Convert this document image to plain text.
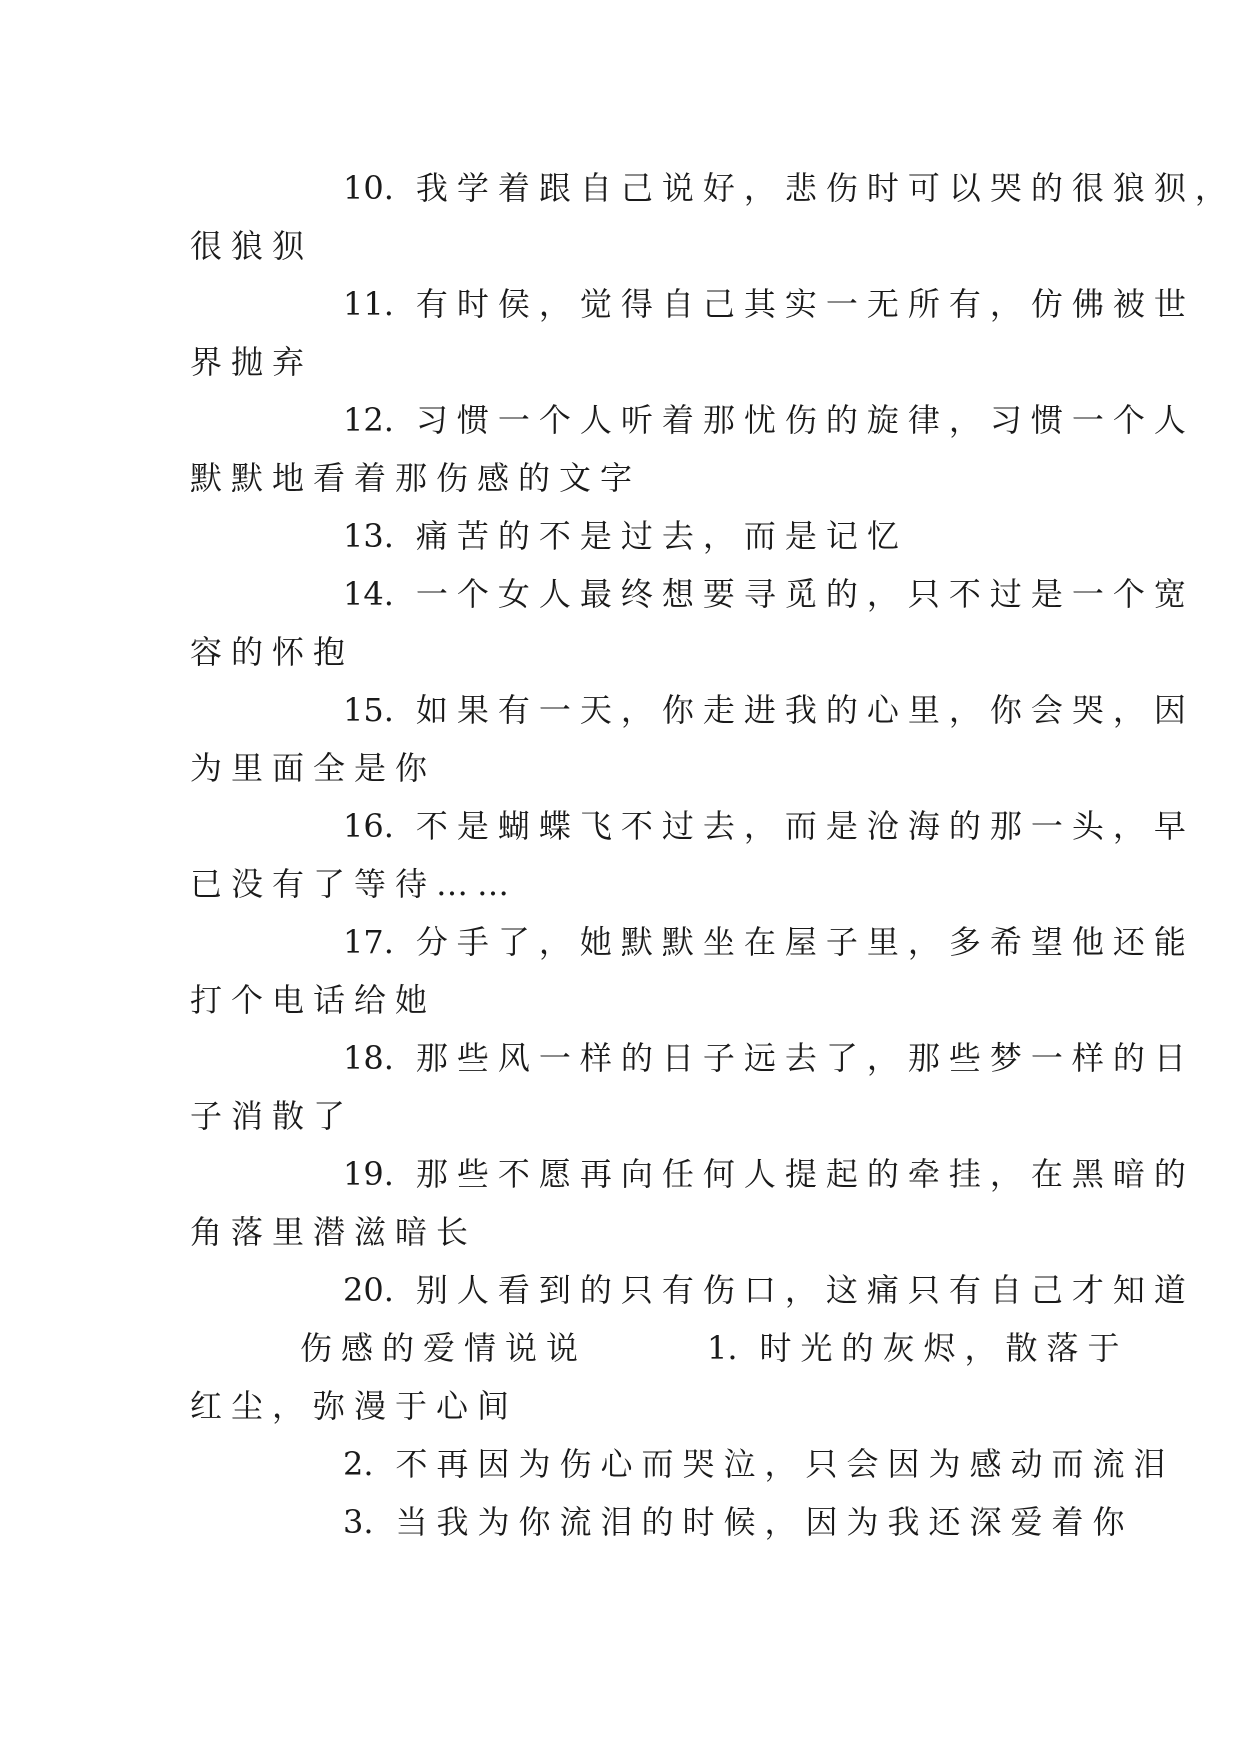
10. 我学着跟自己说好，悲伤时可以哭的很狼狈，
很狼狈
11. 有时侯，觉得自己其实一无所有，仿佛被世
界抛弃
12. 习惯一个人听着那忧伤的旋律，习惯一个人
默默地看着那伤感的文字
13. 痛苦的不是过去，而是记忆
14. 一个女人最终想要寻觅的，只不过是一个宽
容的怀抱
15. 如果有一天，你走进我的心里，你会哭，因
为里面全是你
16. 不是蝴蝶飞不过去，而是沧海的那一头，早
已没有了等待……
17. 分手了，她默默坐在屋子里，多希望他还能
打个电话给她
18. 那些风一样的日子远去了，那些梦一样的日
子消散了
19. 那些不愿再向任何人提起的牵挂，在黑暗的
角落里潜滋暗长
20. 别人看到的只有伤口，这痛只有自己才知道
伤感的爱情说说	1. 时光的灰烬，散落于
红尘，弥漫于心间
2. 不再因为伤心而哭泣，只会因为感动而流泪
3. 当我为你流泪的时候，因为我还深爱着你
